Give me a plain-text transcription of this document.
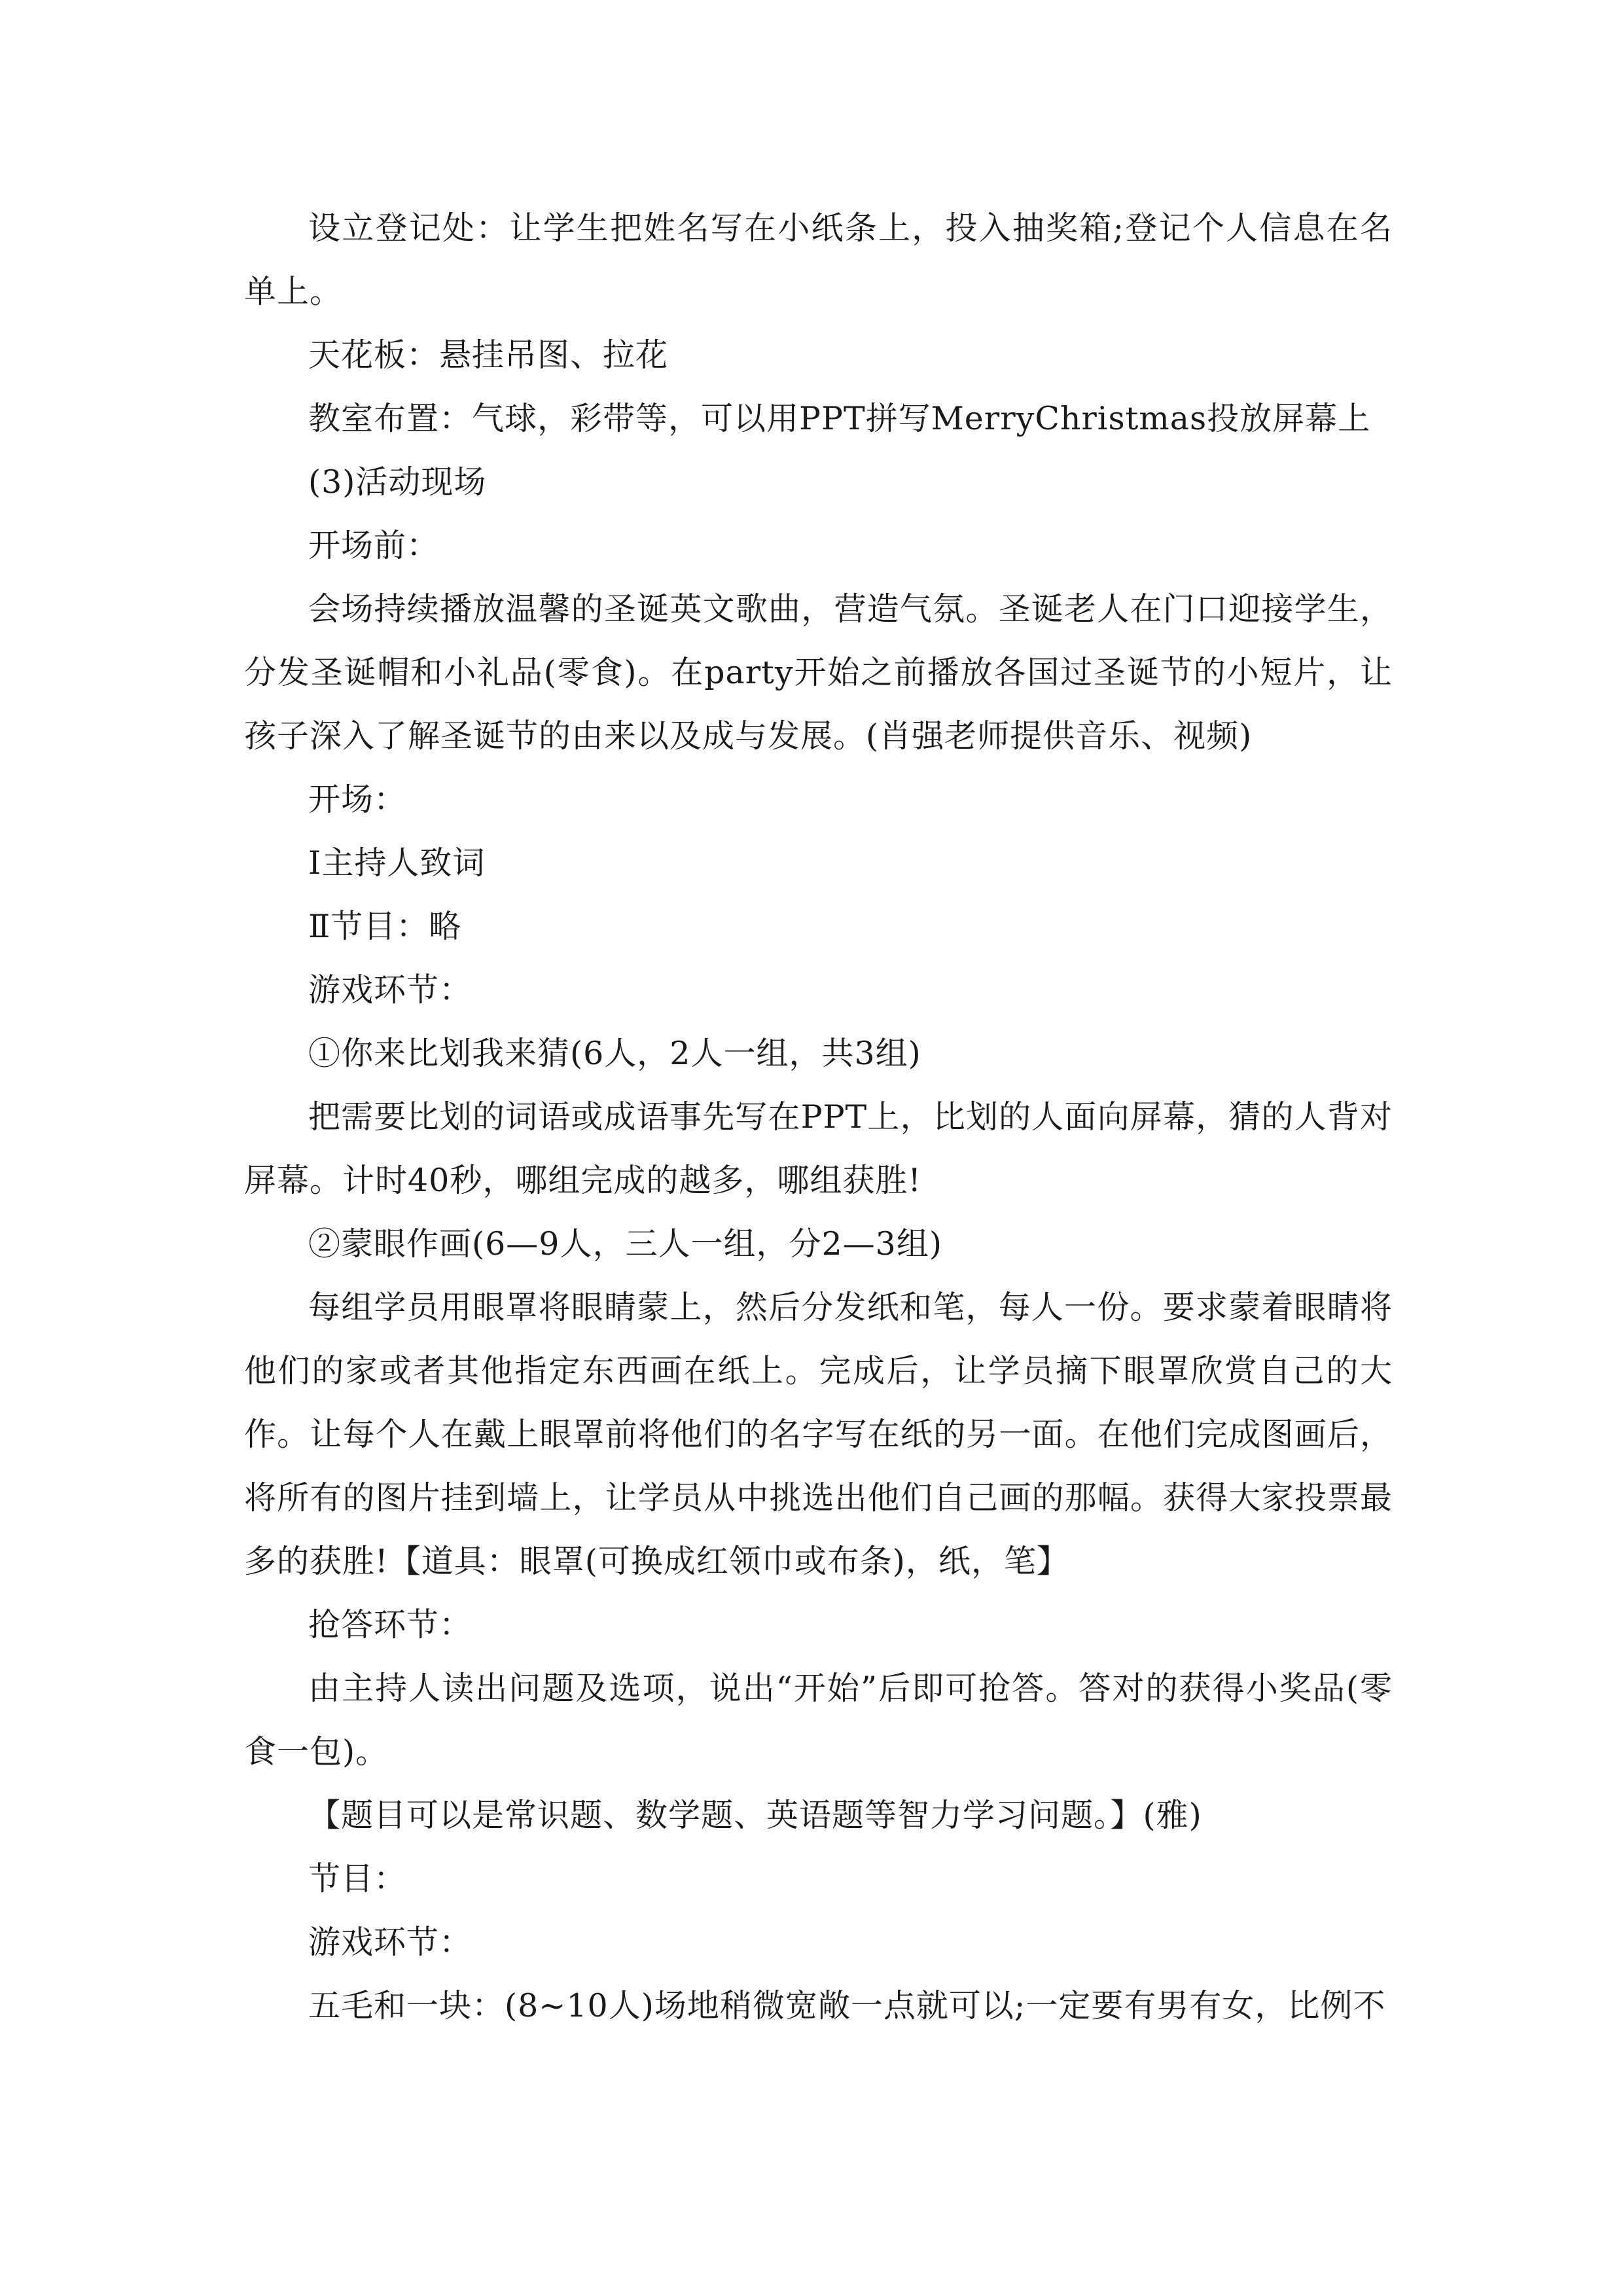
设立登记处：让学生把姓名写在小纸条上，投入抽奖箱;登记个人信息在名单上。

天花板：悬挂吊图、拉花

教室布置：气球，彩带等，可以用PPT拼写MerryChristmas投放屏幕上

(3)活动现场

开场前：

会场持续播放温馨的圣诞英文歌曲，营造气氛。圣诞老人在门口迎接学生，分发圣诞帽和小礼品(零食)。在party开始之前播放各国过圣诞节的小短片，让孩子深入了解圣诞节的由来以及成与发展。(肖强老师提供音乐、视频)

开场：

Ⅰ主持人致词

Ⅱ节目：略

游戏环节：

①你来比划我来猜(6人，2人一组，共3组)

把需要比划的词语或成语事先写在PPT上，比划的人面向屏幕，猜的人背对屏幕。计时40秒，哪组完成的越多，哪组获胜!

②蒙眼作画(6—9人，三人一组，分2—3组)

每组学员用眼罩将眼睛蒙上，然后分发纸和笔，每人一份。要求蒙着眼睛将他们的家或者其他指定东西画在纸上。完成后，让学员摘下眼罩欣赏自己的大作。让每个人在戴上眼罩前将他们的名字写在纸的另一面。在他们完成图画后，将所有的图片挂到墙上，让学员从中挑选出他们自己画的那幅。获得大家投票最多的获胜!【道具：眼罩(可换成红领巾或布条)，纸，笔】

抢答环节：

由主持人读出问题及选项，说出“开始”后即可抢答。答对的获得小奖品(零食一包)。

【题目可以是常识题、数学题、英语题等智力学习问题。】(雅)

节目：

游戏环节：

五毛和一块：(8~10人)场地稍微宽敞一点就可以;一定要有男有女，比例不
